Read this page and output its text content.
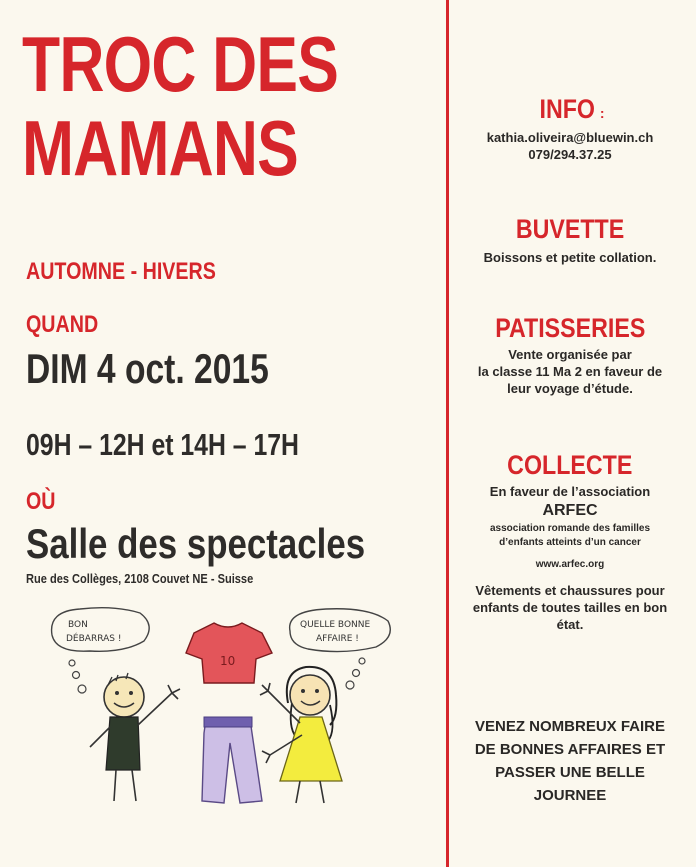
TROC DES
MAMANS
AUTOMNE - HIVERS
QUAND
DIM 4 oct. 2015
09H – 12H et 14H – 17H
OÙ
Salle des spectacles
Rue des Collèges, 2108 Couvet NE - Suisse
BON
DÉBARRAS !
QUELLE BONNE
AFFAIRE !
10
INFO :
kathia.oliveira@bluewin.ch
079/294.37.25
BUVETTE
Boissons et petite collation.
PATISSERIES
Vente organisée par
la classe 11 Ma 2 en faveur de
leur voyage d’étude.
COLLECTE
En faveur de l’association
ARFEC
association romande des familles
d’enfants atteints d’un cancer
www.arfec.org
Vêtements et chaussures pour
enfants de toutes tailles en bon
état.
VENEZ NOMBREUX FAIRE
DE BONNES AFFAIRES ET
PASSER UNE BELLE
JOURNEE
